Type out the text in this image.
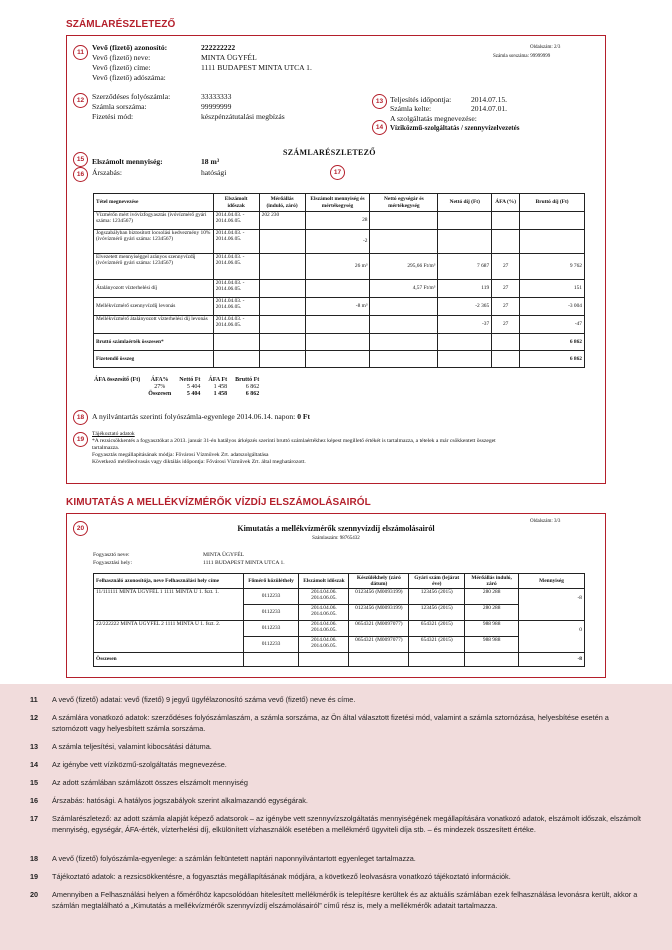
SZÁMLARÉSZLETEZŐ
11
Vevő (fizető) azonosító:	222222222
Vevő (fizető) neve:	MINTA ÜGYFÉL
Vevő (fizető) címe:	1111 BUDAPEST MINTA UTCA 1.
Vevő (fizető) adószáma:
Oldalszám: 2/3
Számla sorszáma: 99999999
12	Szerződéses folyószámla:	33333333
Számla sorszáma:	99999999
Fizetési mód:	készpénzátutalási megbízás
13 Teljesítés időpontja:	2014.07.15.
Számla kelte:	2014.07.01.
14
A szolgáltatás megnevezése:
Víziközmű-szolgáltatás / szennyvízelvezetés
SZÁMLARÉSZLETEZŐ
15	Elszámolt mennyiség:	18 m³
16	Árszabás:	hatósági	17
Tétel megnevezése	Elszámolt időszak	Mérőállás (induló, záró)	Elszámolt mennyiség és mértékegység	Nettó egységár és mértékegység	Nettó díj (Ft)	ÁFA (%)	Bruttó díj (Ft)
Vízmérőn mért ivóvízfogyasztás (ivóvízmérő gyári száma: 1234567)	2014.04.03. - 2014.06.05.	202 230	28				
Jogszabályban biztosított locsolási kedvezmény 10% (ivóvízmérő gyári száma: 1234567)	2014.04.03. - 2014.06.05.		-2				
Elvezetett mennyiséggel arányos szennyvízdíj (ivóvízmérő gyári száma: 1234567)	2014.04.03. - 2014.06.05.		26 m³	295,66 Ft/m³	7 687	27	9 762
Átalányozott vízterhelési díj	2014.04.03. - 2014.06.05.			4,57 Ft/m³	119	27	151
Mellékvízmérő szennyvízdíj levonás	2014.04.03. - 2014.06.05.		-8 m³		-2 365	27	-3 004
Mellékvízmérő átalányozott vízterhelési díj levonás	2014.04.03. - 2014.06.05.				-37	27	-47
Bruttó számlaérték összesen*							6 862
Fizetendő összeg							6 862
ÁFA összesítő (Ft)	ÁFA%	Nettó Ft	ÁFA Ft	Bruttó Ft
	27%	5 404	1 458	6 862
	Összesen	5 404	1 458	6 862
18	A nyilvántartás szerinti folyószámla-egyenlege 2014.06.14. napon: 0 Ft
19
Tájékoztató adatok
*A rezsicsökkentés a fogyasztókat a 2013. január 31-én hatályos árképzés szerinti bruttó számlaértékhez képest megillető értékét is tartalmazza, a tételek a már csökkentett összeget
tartalmazza.
Fogyasztás megállapításának módja: Fővárosi Vízművek Zrt. adatszolgáltatása
Következő mérőleolvasás vagy diktálás időpontja: Fővárosi Vízművek Zrt. által meghatározott.
KIMUTATÁS A MELLÉKVÍZMÉRŐK VÍZDÍJ ELSZÁMOLÁSAIRÓL
20
Oldalszám: 3/3
Kimutatás a mellékvízmérők szennyvízdíj elszámolásairól
Számlaszám: 98765432
Fogyasztó neve:	MINTA ÜGYFÉL
Fogyasztási hely:	1111 BUDAPEST MINTA UTCA 1.
Felhasználó azonosítója, neve Felhasználási hely címe	Főmérő közüléthely	Elszámolt időszak	Készülékhely (záró dátum)	Gyári szám (lejárat éve)	Mérőállás induló, záró	Mennyiség
11/111111 MINTA ÜGYFÉL 1 1111 MINTA U 1. fszt. 1.	0112233	2014.04.06. 2014.06.05.	0123456 (M0093199)	123456 (2015)	280 288	-8
	0112233	2014.04.06. 2014.06.05.	0123456 (M0093199)	123456 (2015)	280 288	
22/222222 MINTA ÜGYFÉL 2 1111 MINTA U 1. fszt. 2.	0112233	2014.04.06. 2014.06.05.	0654321 (M0097077)	654321 (2015)	988 988	0
	0112233	2014.04.06. 2014.06.05.	0654321 (M0097077)	654321 (2015)	988 988	
Összesen						-8
11 A vevő (fizető) adatai: vevő (fizető) 9 jegyű ügyfélazonosító száma vevő (fizető) neve és címe.
12 A számlára vonatkozó adatok: szerződéses folyószámlaszám, a számla sorszáma, az Ön által választott fizetési mód, valamint a számla sztornózása, helyesbítése esetén a sztornózott vagy helyesbített számla sorszáma.
13 A számla teljesítési, valamint kibocsátási dátuma.
14 Az igénybe vett víziközmű-szolgáltatás megnevezése.
15 Az adott számlában számlázott összes elszámolt mennyiség
16 Árszabás: hatósági. A hatályos jogszabályok szerint alkalmazandó egységárak.
17 Számlarészletező: az adott számla alapját képező adatsorok – az igénybe vett szennyvízszolgáltatás mennyiségének megállapítására vonatkozó adatok, elszámolt időszak, elszámolt mennyiség, egységár, ÁFA-érték, vízterhelési díj, elkülönített vízhasználók esetében a mellékmérő ügyviteli díja stb. – és mindezek összesített értéke.
18 A vevő (fizető) folyószámla-egyenlege: a számlán feltüntetett naptári naponnyilvántartott egyenleget tartalmazza.
19 Tájékoztató adatok: a rezsicsökkentésre, a fogyasztás megállapításának módjára, a következő leolvasásra vonatkozó tájékoztató információk.
20 Amennyiben a Felhasználási helyen a főmérőhöz kapcsolódóan hitelesített mellékmérők is telepítésre kerültek és az aktuális számlában ezek felhasználása levonásra került, akkor a számlán megtalálható a „Kimutatás a mellékvízmérők szennyvízdíj elszámolásairól” című rész is, mely a mellékmérők adatait tartalmazza.
